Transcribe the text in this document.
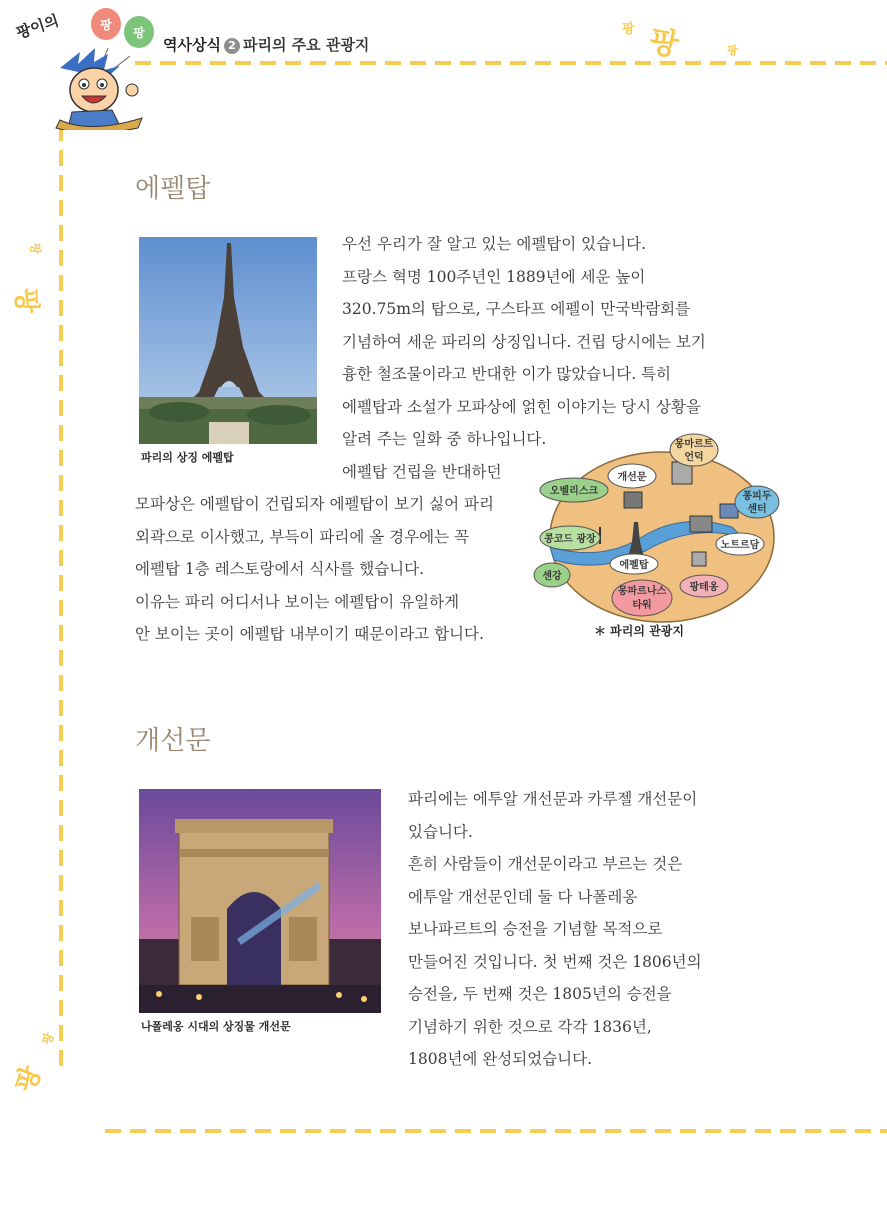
팡이의	팡
팡
역사상식 2 파리의 주요 관광지	팡
팡
팡
팡
팡
팡
팡
에펠탑
파리의 상징 에펠탑
우선 우리가 잘 알고 있는 에펠탑이 있습니다.
프랑스 혁명 100주년인 1889년에 세운 높이
320.75m의 탑으로, 구스타프 에펠이 만국박람회를
기념하여 세운 파리의 상징입니다. 건립 당시에는 보기
흉한 철조물이라고 반대한 이가 많았습니다. 특히
에펠탑과 소설가 모파상에 얽힌 이야기는 당시 상황을
알려 주는 일화 중 하나입니다.
에펠탑 건립을 반대하던
모파상은 에펠탑이 건립되자 에펠탑이 보기 싫어 파리
외곽으로 이사했고, 부득이 파리에 올 경우에는 꼭
에펠탑 1층 레스토랑에서 식사를 했습니다.
이유는 파리 어디서나 보이는 에펠탑이 유일하게
안 보이는 곳이 에펠탑 내부이기 때문이라고 합니다.
몽마르트
언덕
개선문
오벨리스크	퐁피두
센터
콩코드 광장
노트르담
센강
에펠탑
몽파르나스
타워
팡테옹
＊ 파리의 관광지
개선문
나폴레옹 시대의 상징물 개선문
파리에는 에투알 개선문과 카루젤 개선문이
있습니다.
흔히 사람들이 개선문이라고 부르는 것은
에투알 개선문인데 둘 다 나폴레옹
보나파르트의 승전을 기념할 목적으로
만들어진 것입니다. 첫 번째 것은 1806년의
승전을, 두 번째 것은 1805년의 승전을
기념하기 위한 것으로 각각 1836년,
1808년에 완성되었습니다.
